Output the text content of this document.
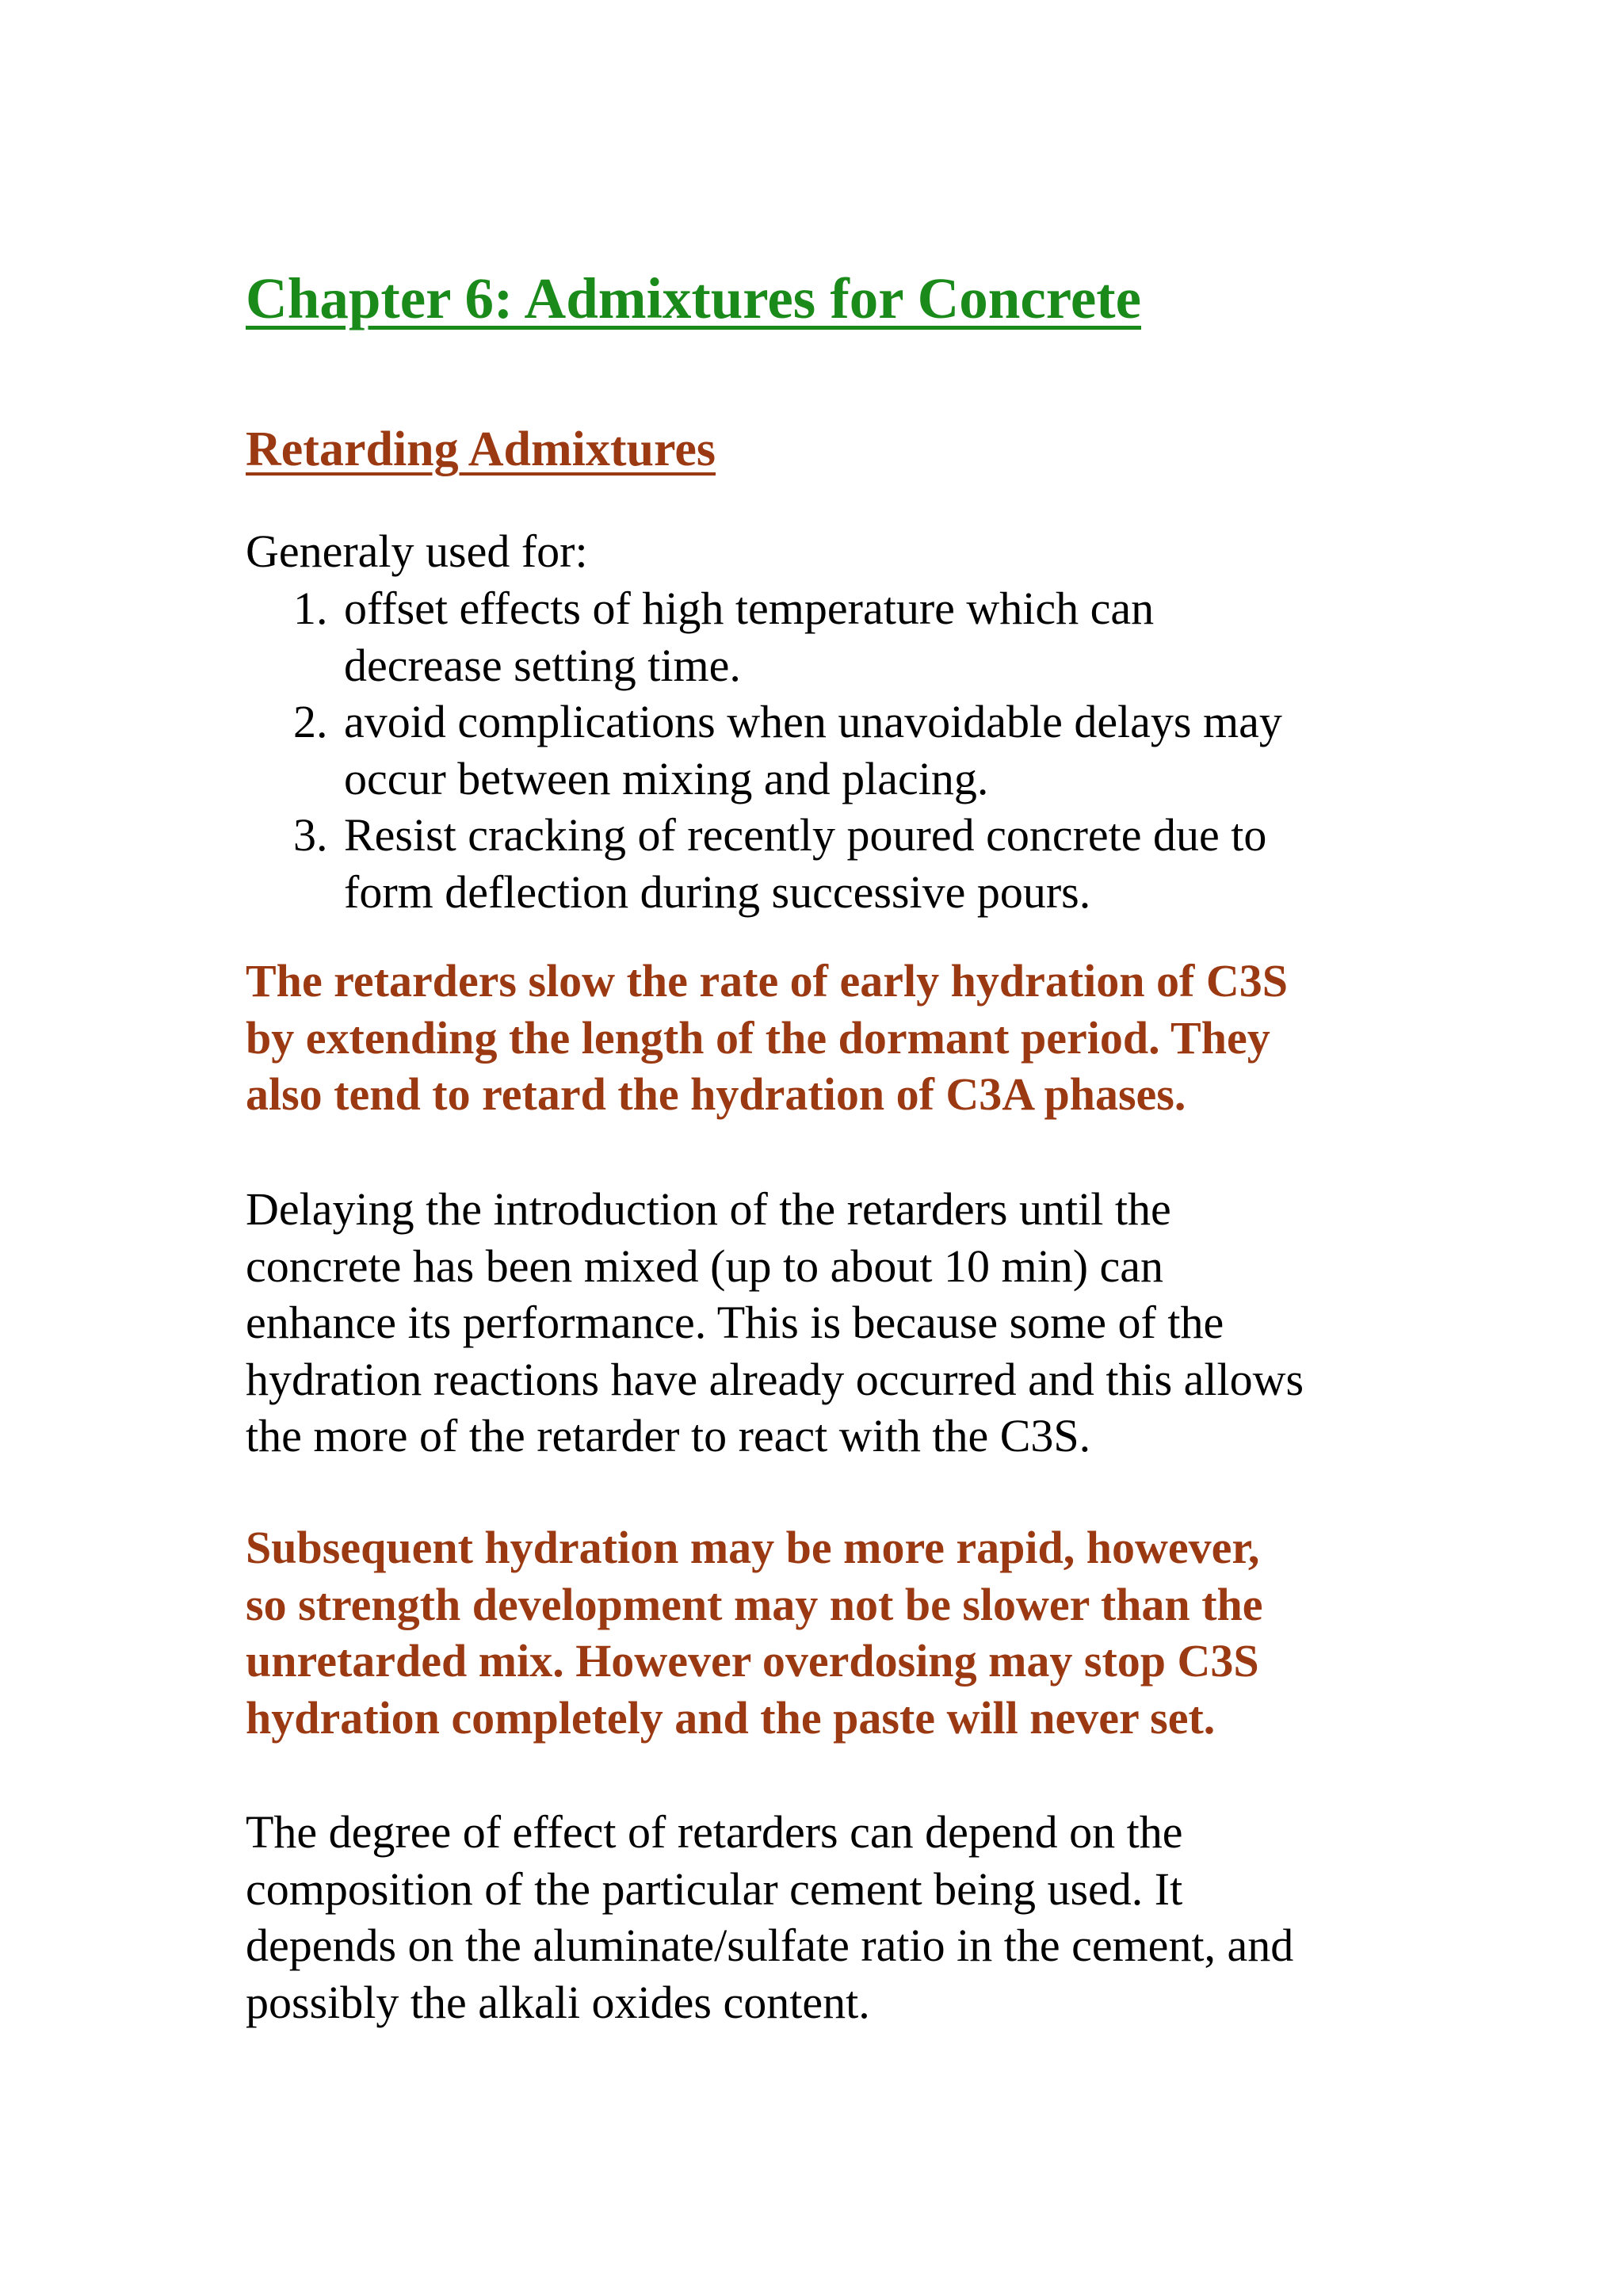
Chapter 6: Admixtures for Concrete
Retarding Admixtures

Generaly used for:

1. offset effects of high temperature which can
decrease setting time.
2. avoid complications when unavoidable delays may
occur between mixing and placing.
3. Resist cracking of recently poured concrete due to
form deflection during successive pours.

The retarders slow the rate of early hydration of C3S
by extending the length of the dormant period. They
also tend to retard the hydration of C3A phases.

Delaying the introduction of the retarders until the
concrete has been mixed (up to about 10 min) can
enhance its performance. This is because some of the
hydration reactions have already occurred and this allows
the more of the retarder to react with the C3S.

Subsequent hydration may be more rapid, however,
so strength development may not be slower than the
unretarded mix. However overdosing may stop C3S
hydration completely and the paste will never set.

The degree of effect of retarders can depend on the
composition of the particular cement being used. It
depends on the aluminate/sulfate ratio in the cement, and
possibly the alkali oxides content.
